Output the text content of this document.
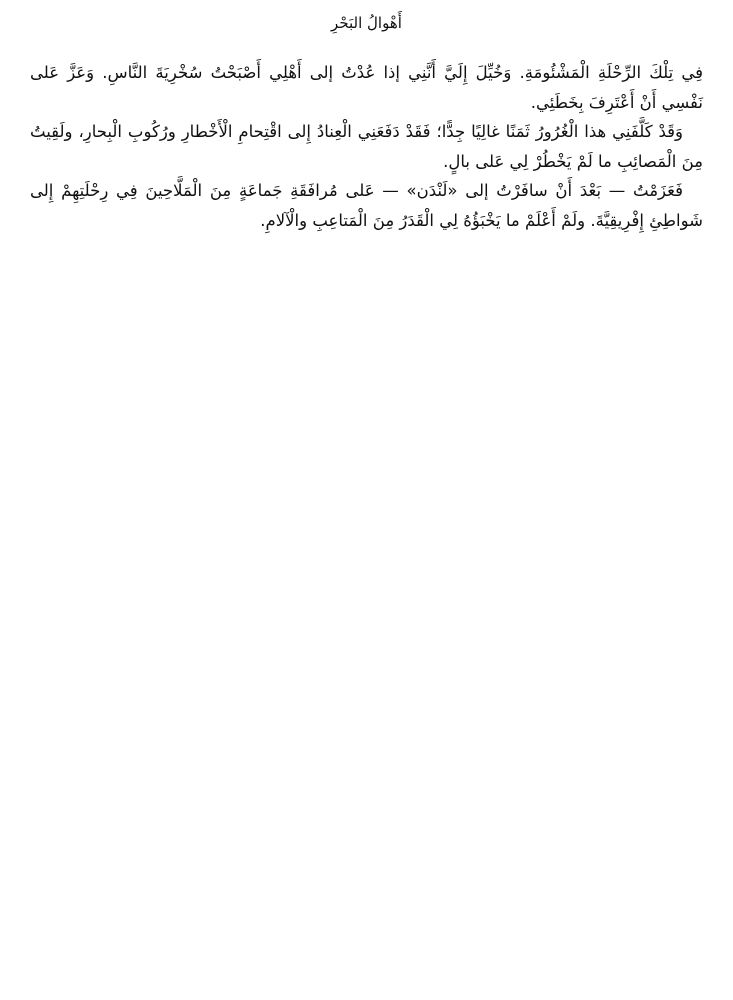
أَهْوالُ البَحْرِ

فِي تِلْكَ الرِّحْلَةِ الْمَشْئُومَةِ. وَخُيِّلَ إِلَيَّ أَنَّنِي إذا عُدْتُ إلى أَهْلِي أَصْبَحْتُ سُخْرِيَةَ النَّاسِ. وَعَزَّ عَلى نَفْسِي أَنْ أَعْتَرِفَ بِخَطَئِي.

وَقَدْ كَلَّفَنِي هذا الْغُرُورُ ثَمَنًا غالِيًا جِدًّا؛ فَقَدْ دَفَعَنِي الْعِنادُ إِلى اقْتِحامِ الْأَخْطارِ ورُكُوبِ الْبِحارِ، ولَقِيتُ مِنَ الْمَصائِبِ ما لَمْ يَخْطُرْ لِي عَلى بالٍ.

فَعَزَمْتُ — بَعْدَ أَنْ سافَرْتُ إلى «لَنْدَن» — عَلى مُرافَقَةِ جَماعَةٍ مِنَ الْمَلَّاحِينَ فِي رِحْلَتِهِمْ إِلى شَواطِئِ إِفْرِيقِيَّةَ. ولَمْ أَعْلَمْ ما يَخْبَؤُهُ لِي الْقَدَرُ مِنَ الْمَتاعِبِ والْآلامِ.
